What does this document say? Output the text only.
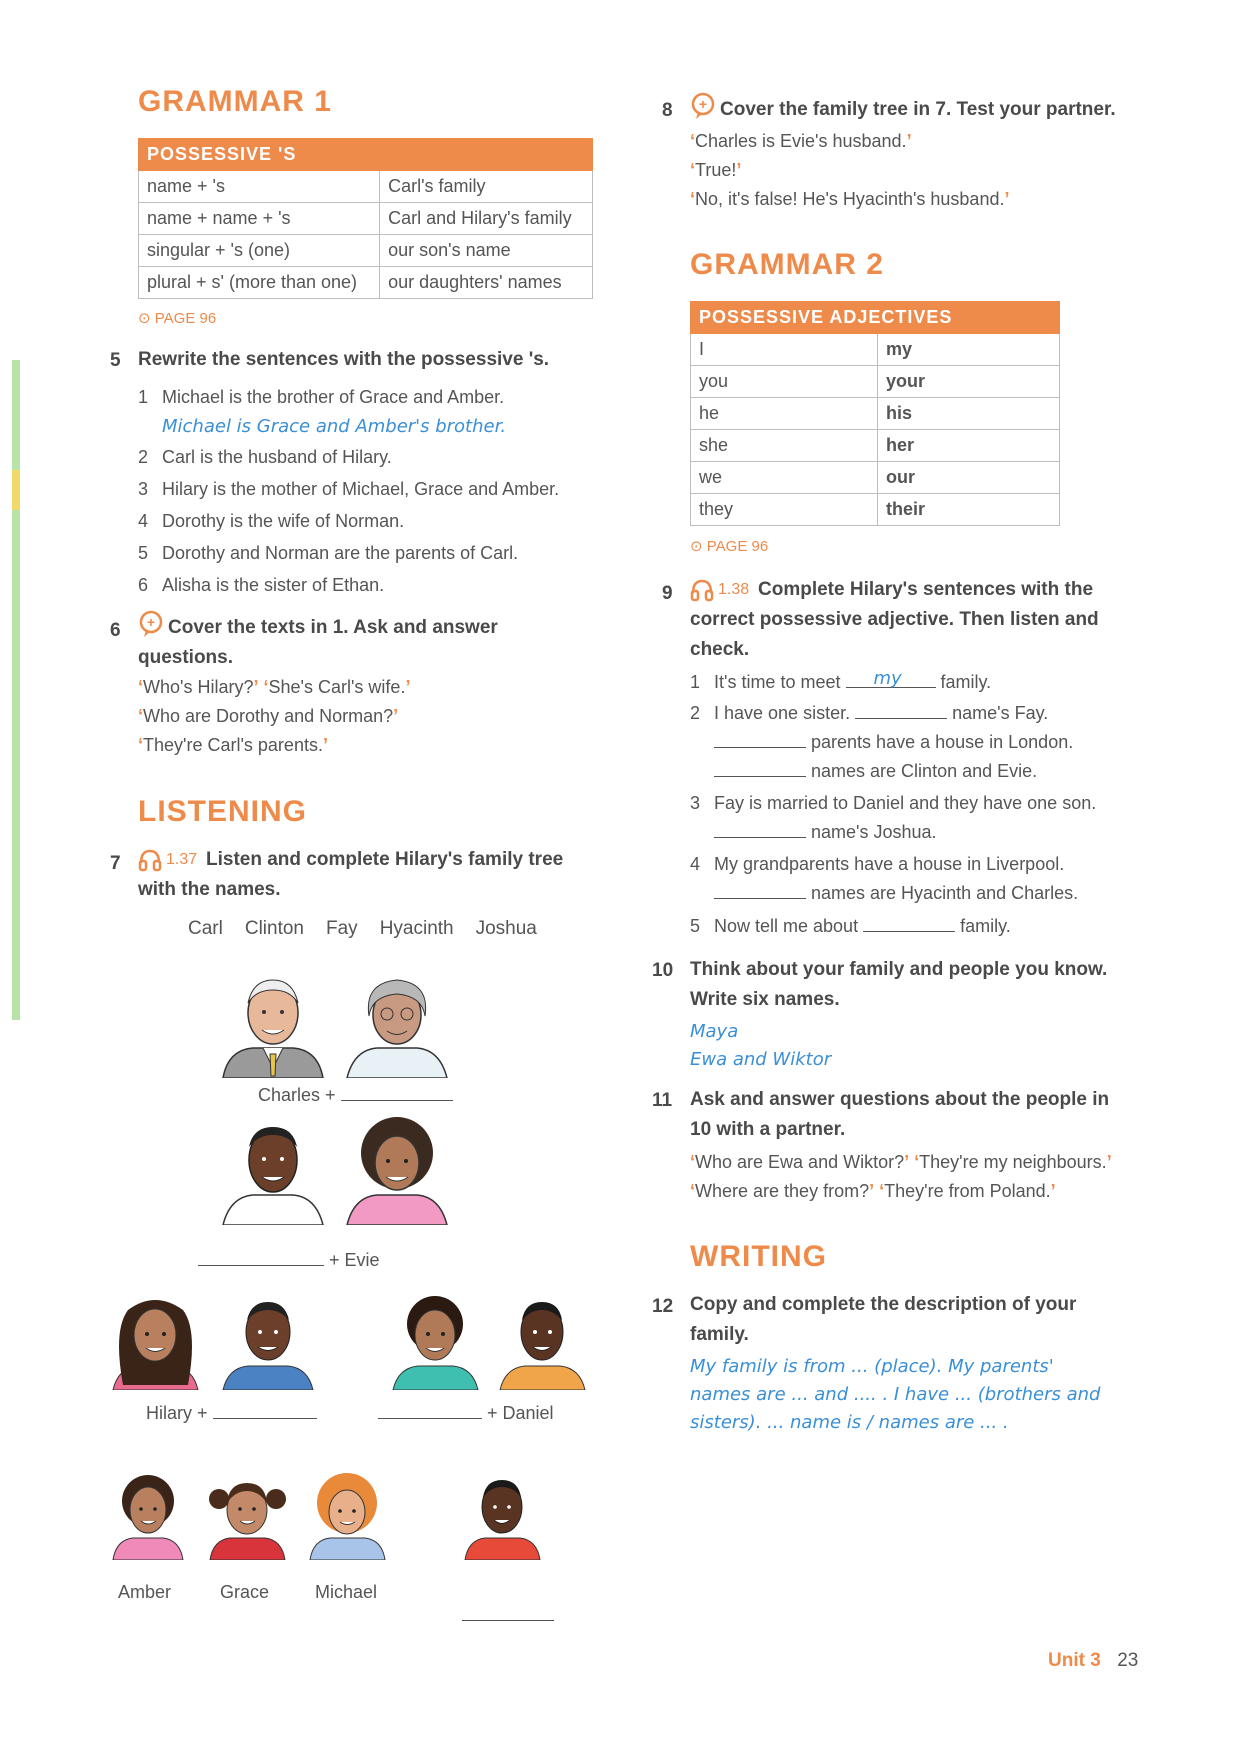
GRAMMAR 1
POSSESSIVE 'S	
name + 's	Carl's family
name + name + 's	Carl and Hilary's family
singular + 's (one)	our son's name
plural + s' (more than one)	our daughters' names
⊙ PAGE 96
5 Rewrite the sentences with the possessive 's.
1 Michael is the brother of Grace and Amber.
Michael is Grace and Amber's brother.
2 Carl is the husband of Hilary.
3 Hilary is the mother of Michael, Grace and Amber.
4 Dorothy is the wife of Norman.
5 Dorothy and Norman are the parents of Carl.
6 Alisha is the sister of Ethan.
6 + Cover the texts in 1. Ask and answer
questions.
‘Who's Hilary?’ ‘She's Carl's wife.’
‘Who are Dorothy and Norman?’
‘They're Carl's parents.’
LISTENING
7	1.37 Listen and complete Hilary's family tree
with the names.
Carl Clinton Fay Hyacinth Joshua
Charles +
+ Evie
Hilary +	+ Daniel
Amber	Grace	Michael
8 + Cover the family tree in 7. Test your partner.
‘Charles is Evie's husband.’
‘True!’
‘No, it's false! He's Hyacinth's husband.’
GRAMMAR 2
POSSESSIVE ADJECTIVES	
I	my
you	your
he	his
she	her
we	our
they	their
⊙ PAGE 96
9	1.38 Complete Hilary's sentences with the
correct possessive adjective. Then listen and
check.
1 It's time to meet my family.
2 I have one sister.	name's Fay.
parents have a house in London.
names are Clinton and Evie.
3 Fay is married to Daniel and they have one son.
name's Joshua.
4 My grandparents have a house in Liverpool.
names are Hyacinth and Charles.
5 Now tell me about	family.
10 Think about your family and people you know.
Write six names.
Maya
Ewa and Wiktor
11 Ask and answer questions about the people in
10 with a partner.
‘Who are Ewa and Wiktor?’ ‘They're my neighbours.’
‘Where are they from?’ ‘They're from Poland.’
WRITING
12 Copy and complete the description of your
family.
My family is from ... (place). My parents'
names are ... and .... . I have ... (brothers and
sisters). ... name is / names are ... .
Unit 3 23
